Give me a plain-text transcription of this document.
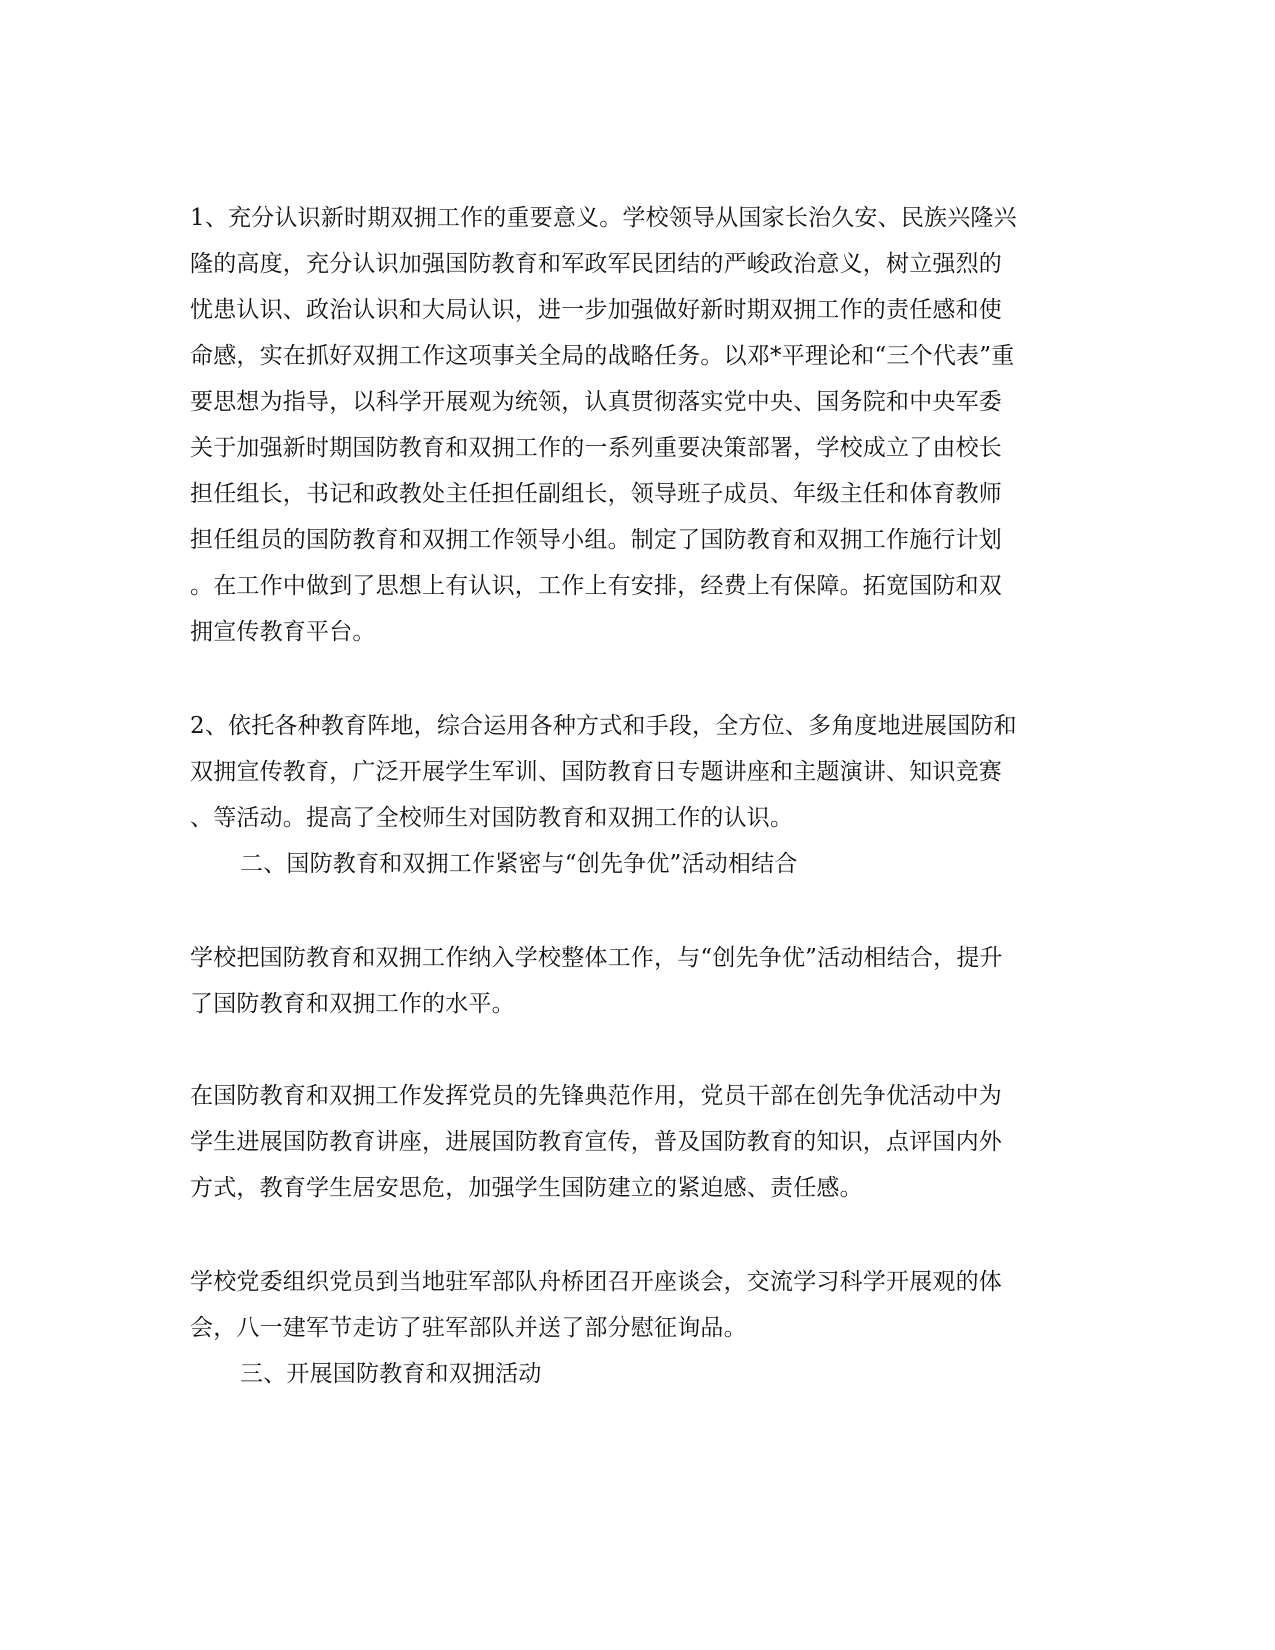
1、充分认识新时期双拥工作的重要意义。学校领导从国家长治久安、民族兴隆兴
隆的高度，充分认识加强国防教育和军政军民团结的严峻政治意义，树立强烈的
忧患认识、政治认识和大局认识，进一步加强做好新时期双拥工作的责任感和使
命感，实在抓好双拥工作这项事关全局的战略任务。以邓*平理论和“三个代表”重
要思想为指导，以科学开展观为统领，认真贯彻落实党中央、国务院和中央军委
关于加强新时期国防教育和双拥工作的一系列重要决策部署，学校成立了由校长
担任组长，书记和政教处主任担任副组长，领导班子成员、年级主任和体育教师
担任组员的国防教育和双拥工作领导小组。制定了国防教育和双拥工作施行计划
。在工作中做到了思想上有认识，工作上有安排，经费上有保障。拓宽国防和双
拥宣传教育平台。
2、依托各种教育阵地，综合运用各种方式和手段，全方位、多角度地进展国防和
双拥宣传教育，广泛开展学生军训、国防教育日专题讲座和主题演讲、知识竞赛
、等活动。提高了全校师生对国防教育和双拥工作的认识。
二、国防教育和双拥工作紧密与“创先争优”活动相结合
学校把国防教育和双拥工作纳入学校整体工作，与“创先争优”活动相结合，提升
了国防教育和双拥工作的水平。
在国防教育和双拥工作发挥党员的先锋典范作用，党员干部在创先争优活动中为
学生进展国防教育讲座，进展国防教育宣传，普及国防教育的知识，点评国内外
方式，教育学生居安思危，加强学生国防建立的紧迫感、责任感。
学校党委组织党员到当地驻军部队舟桥团召开座谈会，交流学习科学开展观的体
会，八一建军节走访了驻军部队并送了部分慰征询品。
三、开展国防教育和双拥活动
